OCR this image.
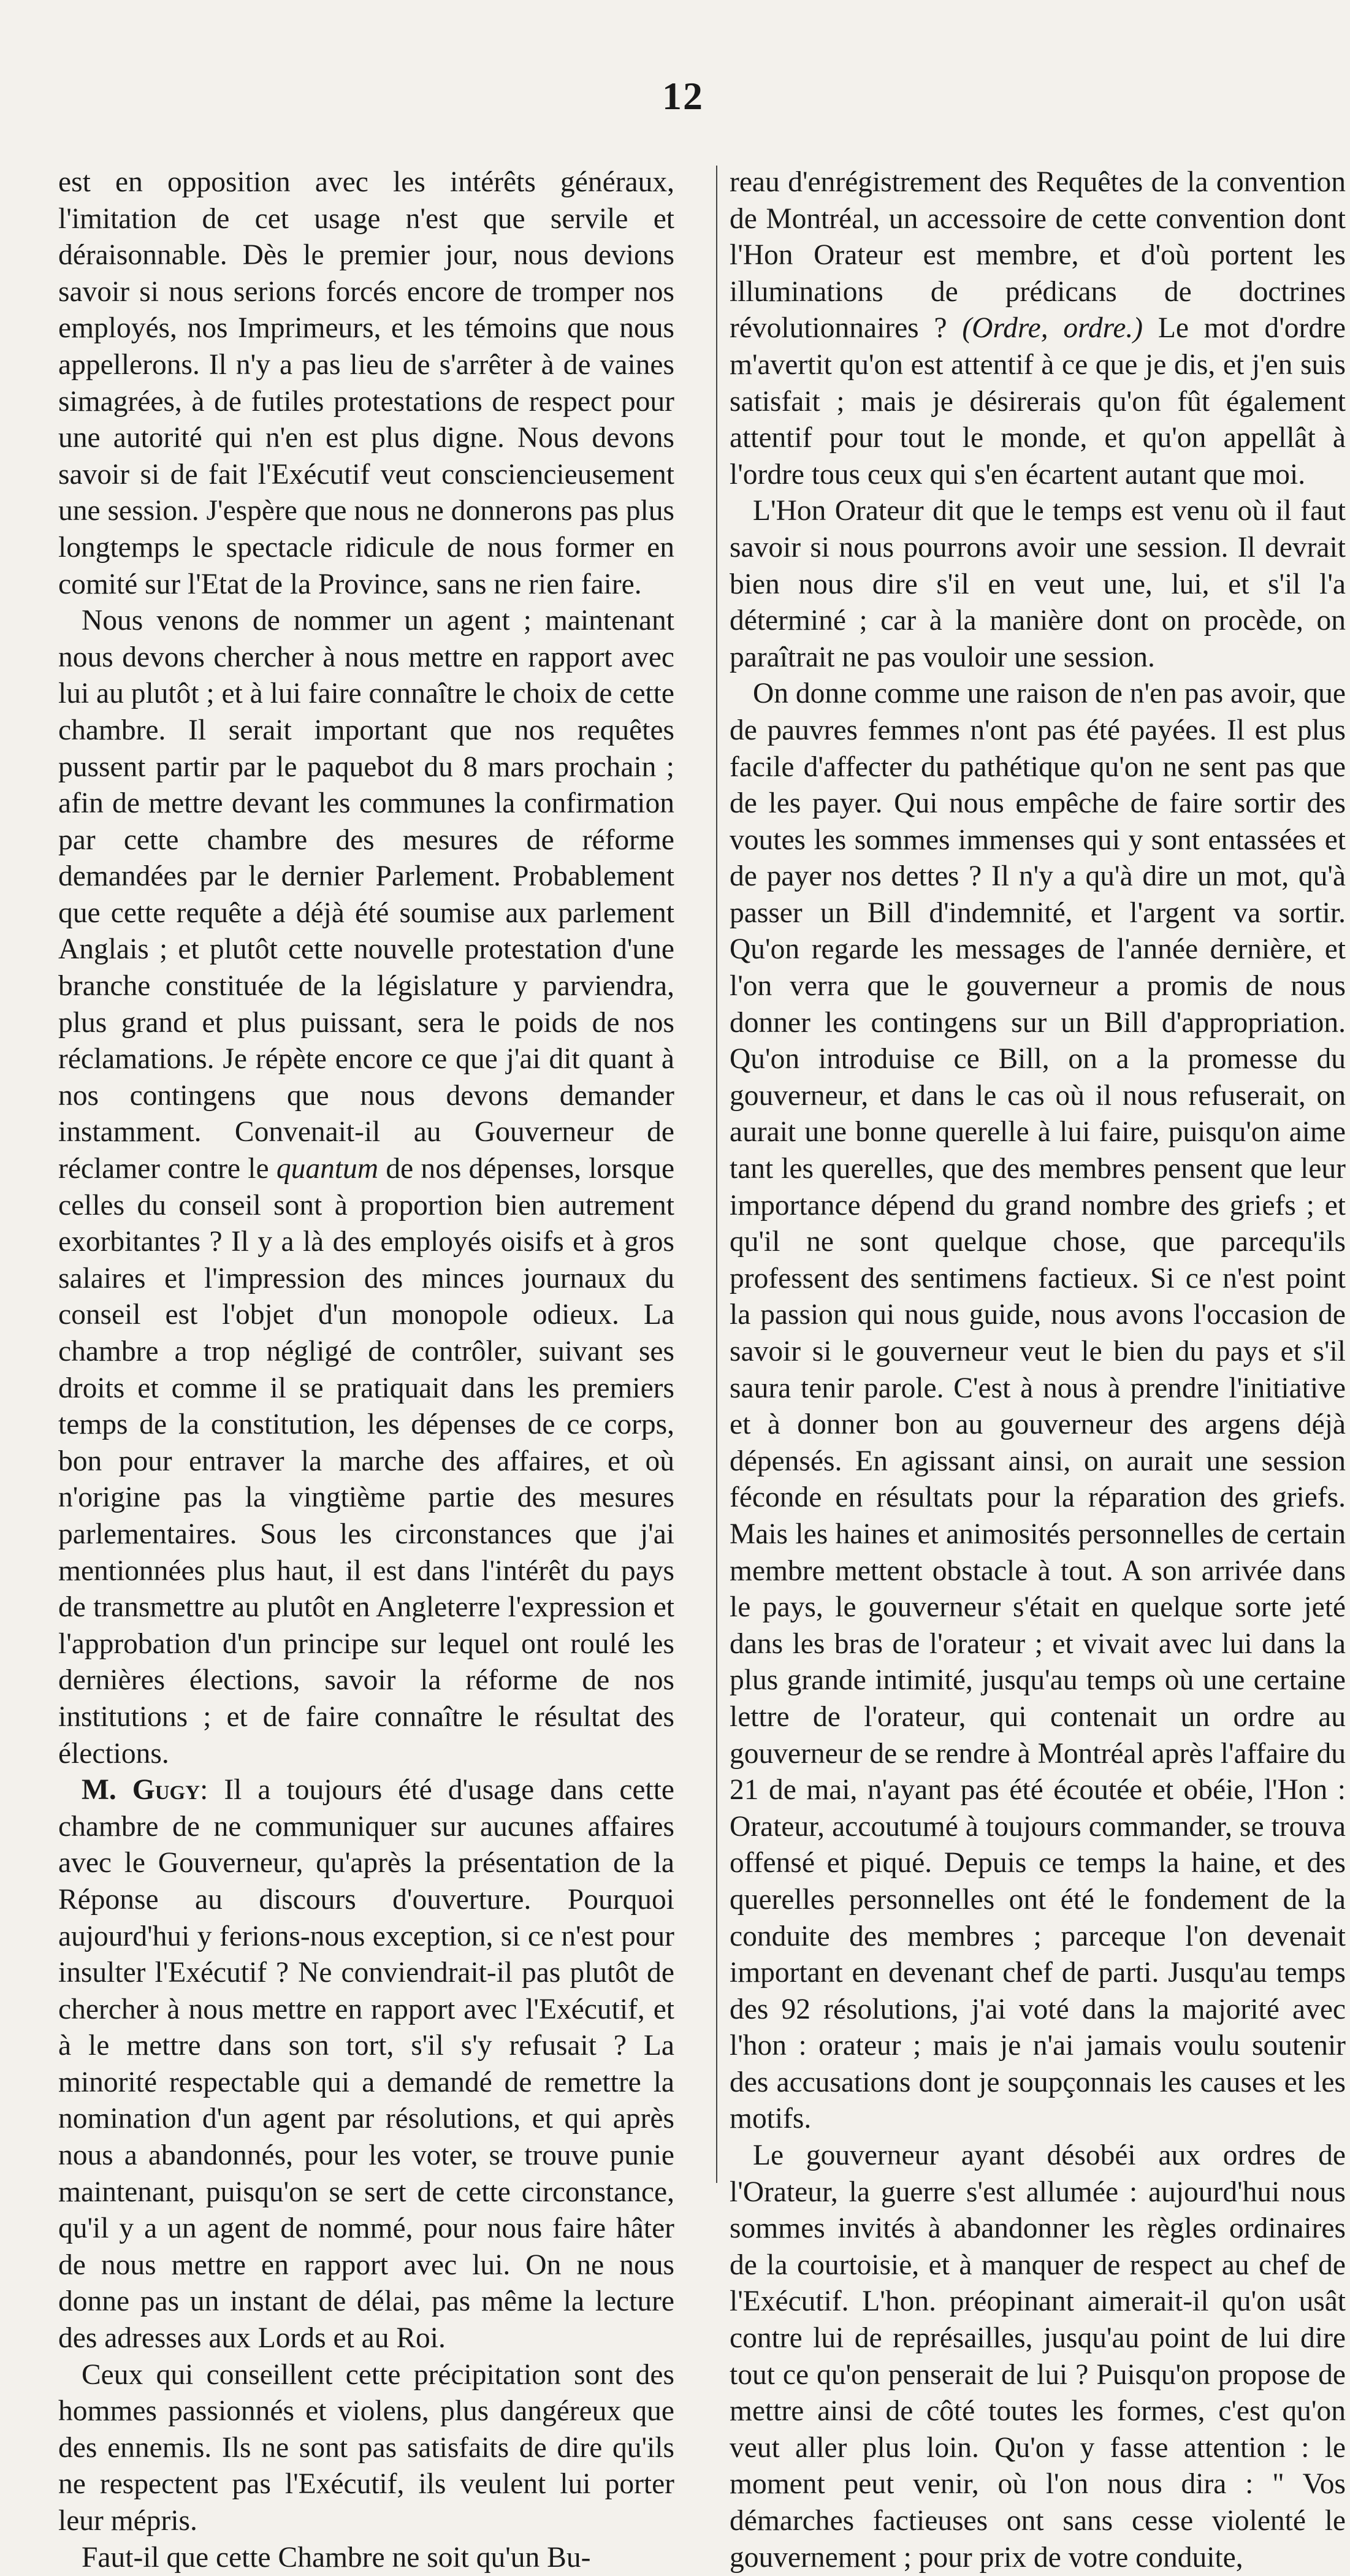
12

est en opposition avec les intérêts généraux, l'imitation de cet usage n'est que servile et déraisonnable. Dès le premier jour, nous devions savoir si nous serions forcés encore de tromper nos employés, nos Imprimeurs, et les témoins que nous appellerons. Il n'y a pas lieu de s'arrêter à de vaines simagrées, à de futiles protestations de respect pour une autorité qui n'en est plus digne. Nous devons savoir si de fait l'Exécutif veut consciencieusement une session. J'espère que nous ne donnerons pas plus longtemps le spectacle ridicule de nous former en comité sur l'Etat de la Province, sans ne rien faire.

Nous venons de nommer un agent ; maintenant nous devons chercher à nous mettre en rapport avec lui au plutôt ; et à lui faire connaître le choix de cette chambre. Il serait important que nos requêtes pussent partir par le paquebot du 8 mars prochain ; afin de mettre devant les communes la confirmation par cette chambre des mesures de réforme demandées par le dernier Parlement. Probablement que cette requête a déjà été soumise aux parlement Anglais ; et plutôt cette nouvelle protestation d'une branche constituée de la législature y parviendra, plus grand et plus puissant, sera le poids de nos réclamations. Je répète encore ce que j'ai dit quant à nos contingens que nous devons demander instamment. Convenait-il au Gouverneur de réclamer contre le quantum de nos dépenses, lorsque celles du conseil sont à proportion bien autrement exorbitantes ? Il y a là des employés oisifs et à gros salaires et l'impression des minces journaux du conseil est l'objet d'un monopole odieux. La chambre a trop négligé de contrôler, suivant ses droits et comme il se pratiquait dans les premiers temps de la constitution, les dépenses de ce corps, bon pour entraver la marche des affaires, et où n'origine pas la vingtième partie des mesures parlementaires. Sous les circonstances que j'ai mentionnées plus haut, il est dans l'intérêt du pays de transmettre au plutôt en Angleterre l'expression et l'approbation d'un principe sur lequel ont roulé les dernières élections, savoir la réforme de nos institutions ; et de faire connaître le résultat des élections.

M. Gugy: Il a toujours été d'usage dans cette chambre de ne communiquer sur aucunes affaires avec le Gouverneur, qu'après la présentation de la Réponse au discours d'ouverture. Pourquoi aujourd'hui y ferions-nous exception, si ce n'est pour insulter l'Exécutif ? Ne conviendrait-il pas plutôt de chercher à nous mettre en rapport avec l'Exécutif, et à le mettre dans son tort, s'il s'y refusait ? La minorité respectable qui a demandé de remettre la nomination d'un agent par résolutions, et qui après nous a abandonnés, pour les voter, se trouve punie maintenant, puisqu'on se sert de cette circonstance, qu'il y a un agent de nommé, pour nous faire hâter de nous mettre en rapport avec lui. On ne nous donne pas un instant de délai, pas même la lecture des adresses aux Lords et au Roi.

Ceux qui conseillent cette précipitation sont des hommes passionnés et violens, plus dangéreux que des ennemis. Ils ne sont pas satisfaits de dire qu'ils ne respectent pas l'Exécutif, ils veulent lui porter leur mépris.

Faut-il que cette Chambre ne soit qu'un Bu-

reau d'enrégistrement des Requêtes de la convention de Montréal, un accessoire de cette convention dont l'Hon Orateur est membre, et d'où portent les illuminations de prédicans de doctrines révolutionnaires ? (Ordre, ordre.) Le mot d'ordre m'avertit qu'on est attentif à ce que je dis, et j'en suis satisfait ; mais je désirerais qu'on fût également attentif pour tout le monde, et qu'on appellât à l'ordre tous ceux qui s'en écartent autant que moi.

L'Hon Orateur dit que le temps est venu où il faut savoir si nous pourrons avoir une session. Il devrait bien nous dire s'il en veut une, lui, et s'il l'a déterminé ; car à la manière dont on procède, on paraîtrait ne pas vouloir une session.

On donne comme une raison de n'en pas avoir, que de pauvres femmes n'ont pas été payées. Il est plus facile d'affecter du pathétique qu'on ne sent pas que de les payer. Qui nous empêche de faire sortir des voutes les sommes immenses qui y sont entassées et de payer nos dettes ? Il n'y a qu'à dire un mot, qu'à passer un Bill d'indemnité, et l'argent va sortir. Qu'on regarde les messages de l'année dernière, et l'on verra que le gouverneur a promis de nous donner les contingens sur un Bill d'appropriation. Qu'on introduise ce Bill, on a la promesse du gouverneur, et dans le cas où il nous refuserait, on aurait une bonne querelle à lui faire, puisqu'on aime tant les querelles, que des membres pensent que leur importance dépend du grand nombre des griefs ; et qu'il ne sont quelque chose, que parcequ'ils professent des sentimens factieux. Si ce n'est point la passion qui nous guide, nous avons l'occasion de savoir si le gouverneur veut le bien du pays et s'il saura tenir parole. C'est à nous à prendre l'initiative et à donner bon au gouverneur des argens déjà dépensés. En agissant ainsi, on aurait une session féconde en résultats pour la réparation des griefs. Mais les haines et animosités personnelles de certain membre mettent obstacle à tout. A son arrivée dans le pays, le gouverneur s'était en quelque sorte jeté dans les bras de l'orateur ; et vivait avec lui dans la plus grande intimité, jusqu'au temps où une certaine lettre de l'orateur, qui contenait un ordre au gouverneur de se rendre à Montréal après l'affaire du 21 de mai, n'ayant pas été écoutée et obéie, l'Hon : Orateur, accoutumé à toujours commander, se trouva offensé et piqué. Depuis ce temps la haine, et des querelles personnelles ont été le fondement de la conduite des membres ; parceque l'on devenait important en devenant chef de parti. Jusqu'au temps des 92 résolutions, j'ai voté dans la majorité avec l'hon : orateur ; mais je n'ai jamais voulu soutenir des accusations dont je soupçonnais les causes et les motifs.

Le gouverneur ayant désobéi aux ordres de l'Orateur, la guerre s'est allumée : aujourd'hui nous sommes invités à abandonner les règles ordinaires de la courtoisie, et à manquer de respect au chef de l'Exécutif. L'hon. préopinant aimerait-il qu'on usât contre lui de représailles, jusqu'au point de lui dire tout ce qu'on penserait de lui ? Puisqu'on propose de mettre ainsi de côté toutes les formes, c'est qu'on veut aller plus loin. Qu'on y fasse attention : le moment peut venir, où l'on nous dira : " Vos démarches factieuses ont sans cesse violenté le gouvernement ; pour prix de votre conduite,
